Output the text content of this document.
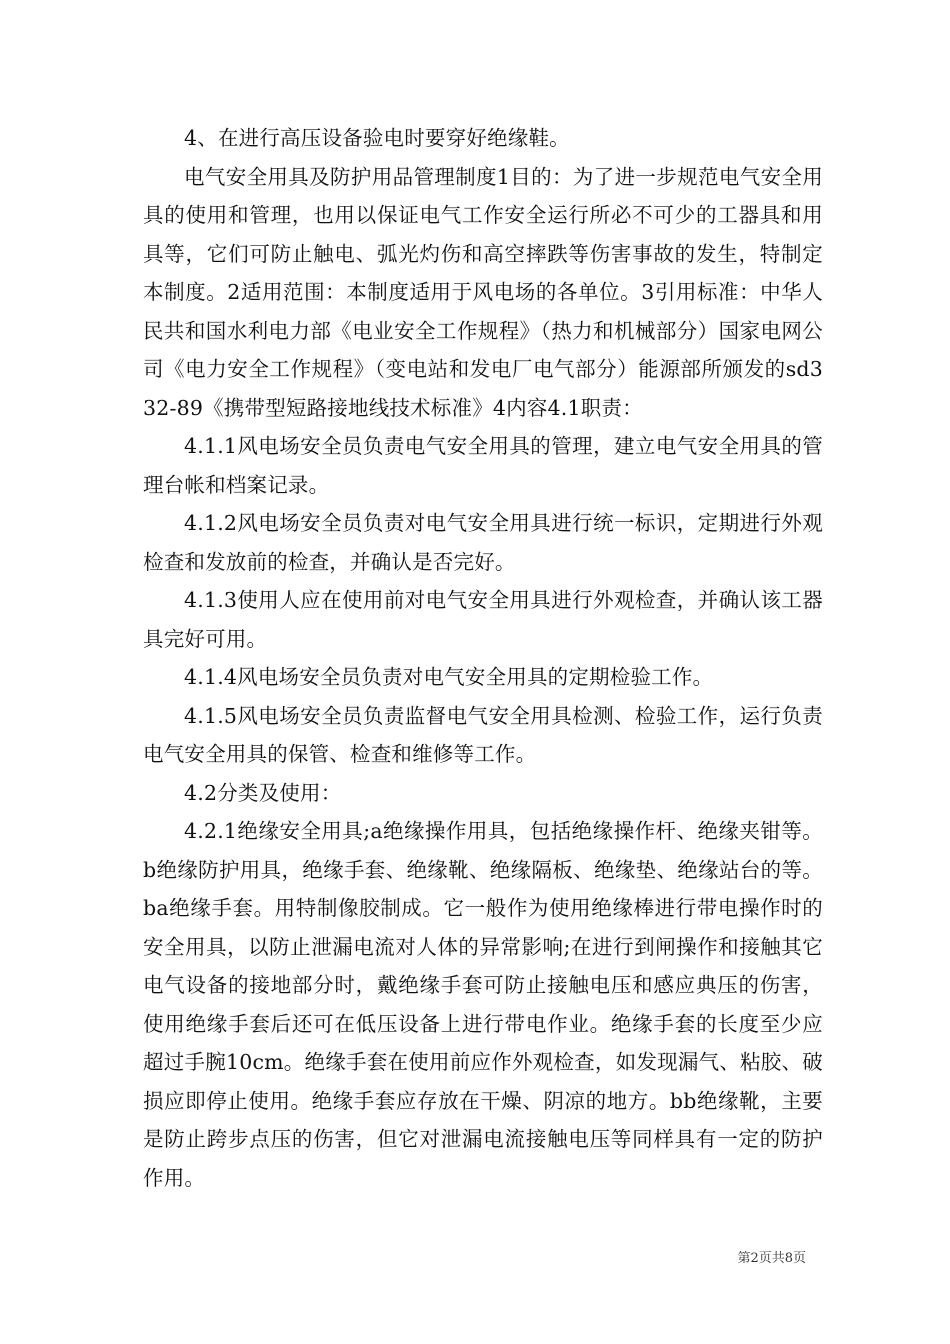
4、在进行高压设备验电时要穿好绝缘鞋。

电气安全用具及防护用品管理制度1目的：为了进一步规范电气安全用具的使用和管理，也用以保证电气工作安全运行所必不可少的工器具和用具等，它们可防止触电、弧光灼伤和高空摔跌等伤害事故的发生，特制定本制度。2适用范围：本制度适用于风电场的各单位。3引用标准：中华人民共和国水利电力部《电业安全工作规程》（热力和机械部分）国家电网公司《电力安全工作规程》（变电站和发电厂电气部分）能源部所颁发的sd332-89《携带型短路接地线技术标准》4内容4.1职责：

4.1.1风电场安全员负责电气安全用具的管理，建立电气安全用具的管理台帐和档案记录。

4.1.2风电场安全员负责对电气安全用具进行统一标识，定期进行外观检查和发放前的检查，并确认是否完好。

4.1.3使用人应在使用前对电气安全用具进行外观检查，并确认该工器具完好可用。

4.1.4风电场安全员负责对电气安全用具的定期检验工作。

4.1.5风电场安全员负责监督电气安全用具检测、检验工作，运行负责电气安全用具的保管、检查和维修等工作。

4.2分类及使用：

4.2.1绝缘安全用具;a绝缘操作用具，包括绝缘操作杆、绝缘夹钳等。b绝缘防护用具，绝缘手套、绝缘靴、绝缘隔板、绝缘垫、绝缘站台的等。ba绝缘手套。用特制像胶制成。它一般作为使用绝缘棒进行带电操作时的安全用具，以防止泄漏电流对人体的异常影响;在进行到闸操作和接触其它电气设备的接地部分时，戴绝缘手套可防止接触电压和感应典压的伤害，使用绝缘手套后还可在低压设备上进行带电作业。绝缘手套的长度至少应超过手腕10cm。绝缘手套在使用前应作外观检查，如发现漏气、粘胶、破损应即停止使用。绝缘手套应存放在干燥、阴凉的地方。bb绝缘靴，主要是防止跨步点压的伤害，但它对泄漏电流接触电压等同样具有一定的防护作用。

第2页共8页
